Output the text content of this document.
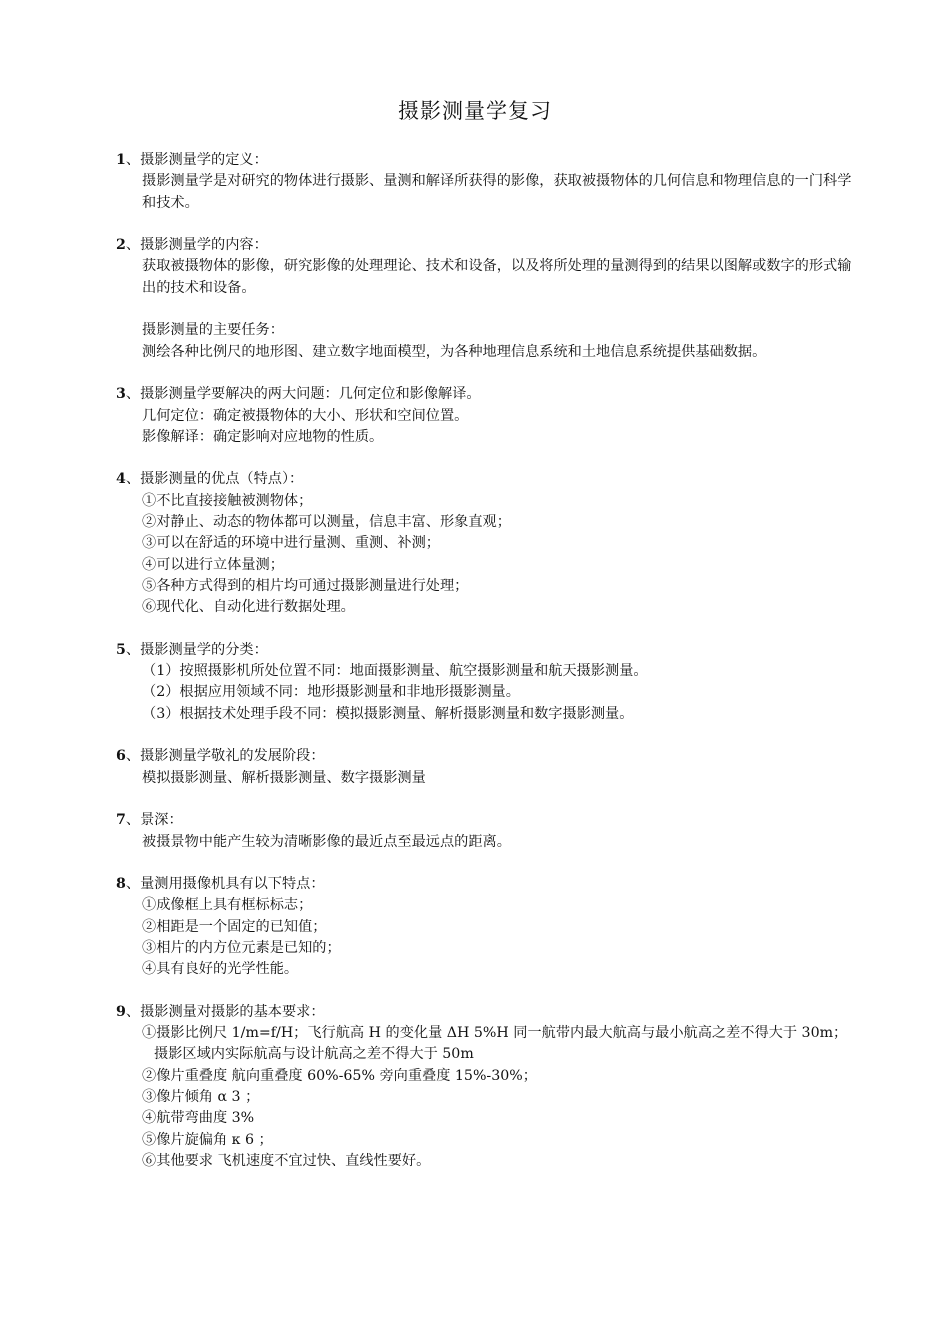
摄影测量学复习
1、摄影测量学的定义：
摄影测量学是对研究的物体进行摄影、量测和解译所获得的影像，获取被摄物体的几何信息和物理信息的一门科学和技术。
2、摄影测量学的内容：
获取被摄物体的影像，研究影像的处理理论、技术和设备，以及将所处理的量测得到的结果以图解或数字的形式输出的技术和设备。
摄影测量的主要任务：
测绘各种比例尺的地形图、建立数字地面模型，为各种地理信息系统和土地信息系统提供基础数据。
3、摄影测量学要解决的两大问题：几何定位和影像解译。
几何定位：确定被摄物体的大小、形状和空间位置。
影像解译：确定影响对应地物的性质。
4、摄影测量的优点（特点）：
①不比直接接触被测物体；
②对静止、动态的物体都可以测量，信息丰富、形象直观；
③可以在舒适的环境中进行量测、重测、补测；
④可以进行立体量测；
⑤各种方式得到的相片均可通过摄影测量进行处理；
⑥现代化、自动化进行数据处理。
5、摄影测量学的分类：
（1）按照摄影机所处位置不同：地面摄影测量、航空摄影测量和航天摄影测量。
（2）根据应用领域不同：地形摄影测量和非地形摄影测量。
（3）根据技术处理手段不同：模拟摄影测量、解析摄影测量和数字摄影测量。
6、摄影测量学敬礼的发展阶段：
模拟摄影测量、解析摄影测量、数字摄影测量
7、景深：
被摄景物中能产生较为清晰影像的最近点至最远点的距离。
8、量测用摄像机具有以下特点：
①成像框上具有框标标志；
②相距是一个固定的已知值；
③相片的内方位元素是已知的；
④具有良好的光学性能。
9、摄影测量对摄影的基本要求：
①摄影比例尺 1/m=f/H；飞行航高 H 的变化量 ΔH 5%H 同一航带内最大航高与最小航高之差不得大于 30m；摄影区域内实际航高与设计航高之差不得大于 50m
②像片重叠度 航向重叠度 60%-65% 旁向重叠度 15%-30%；
③像片倾角 α 3 ；
④航带弯曲度 3%
⑤像片旋偏角 κ 6 ；
⑥其他要求 飞机速度不宜过快、直线性要好。
